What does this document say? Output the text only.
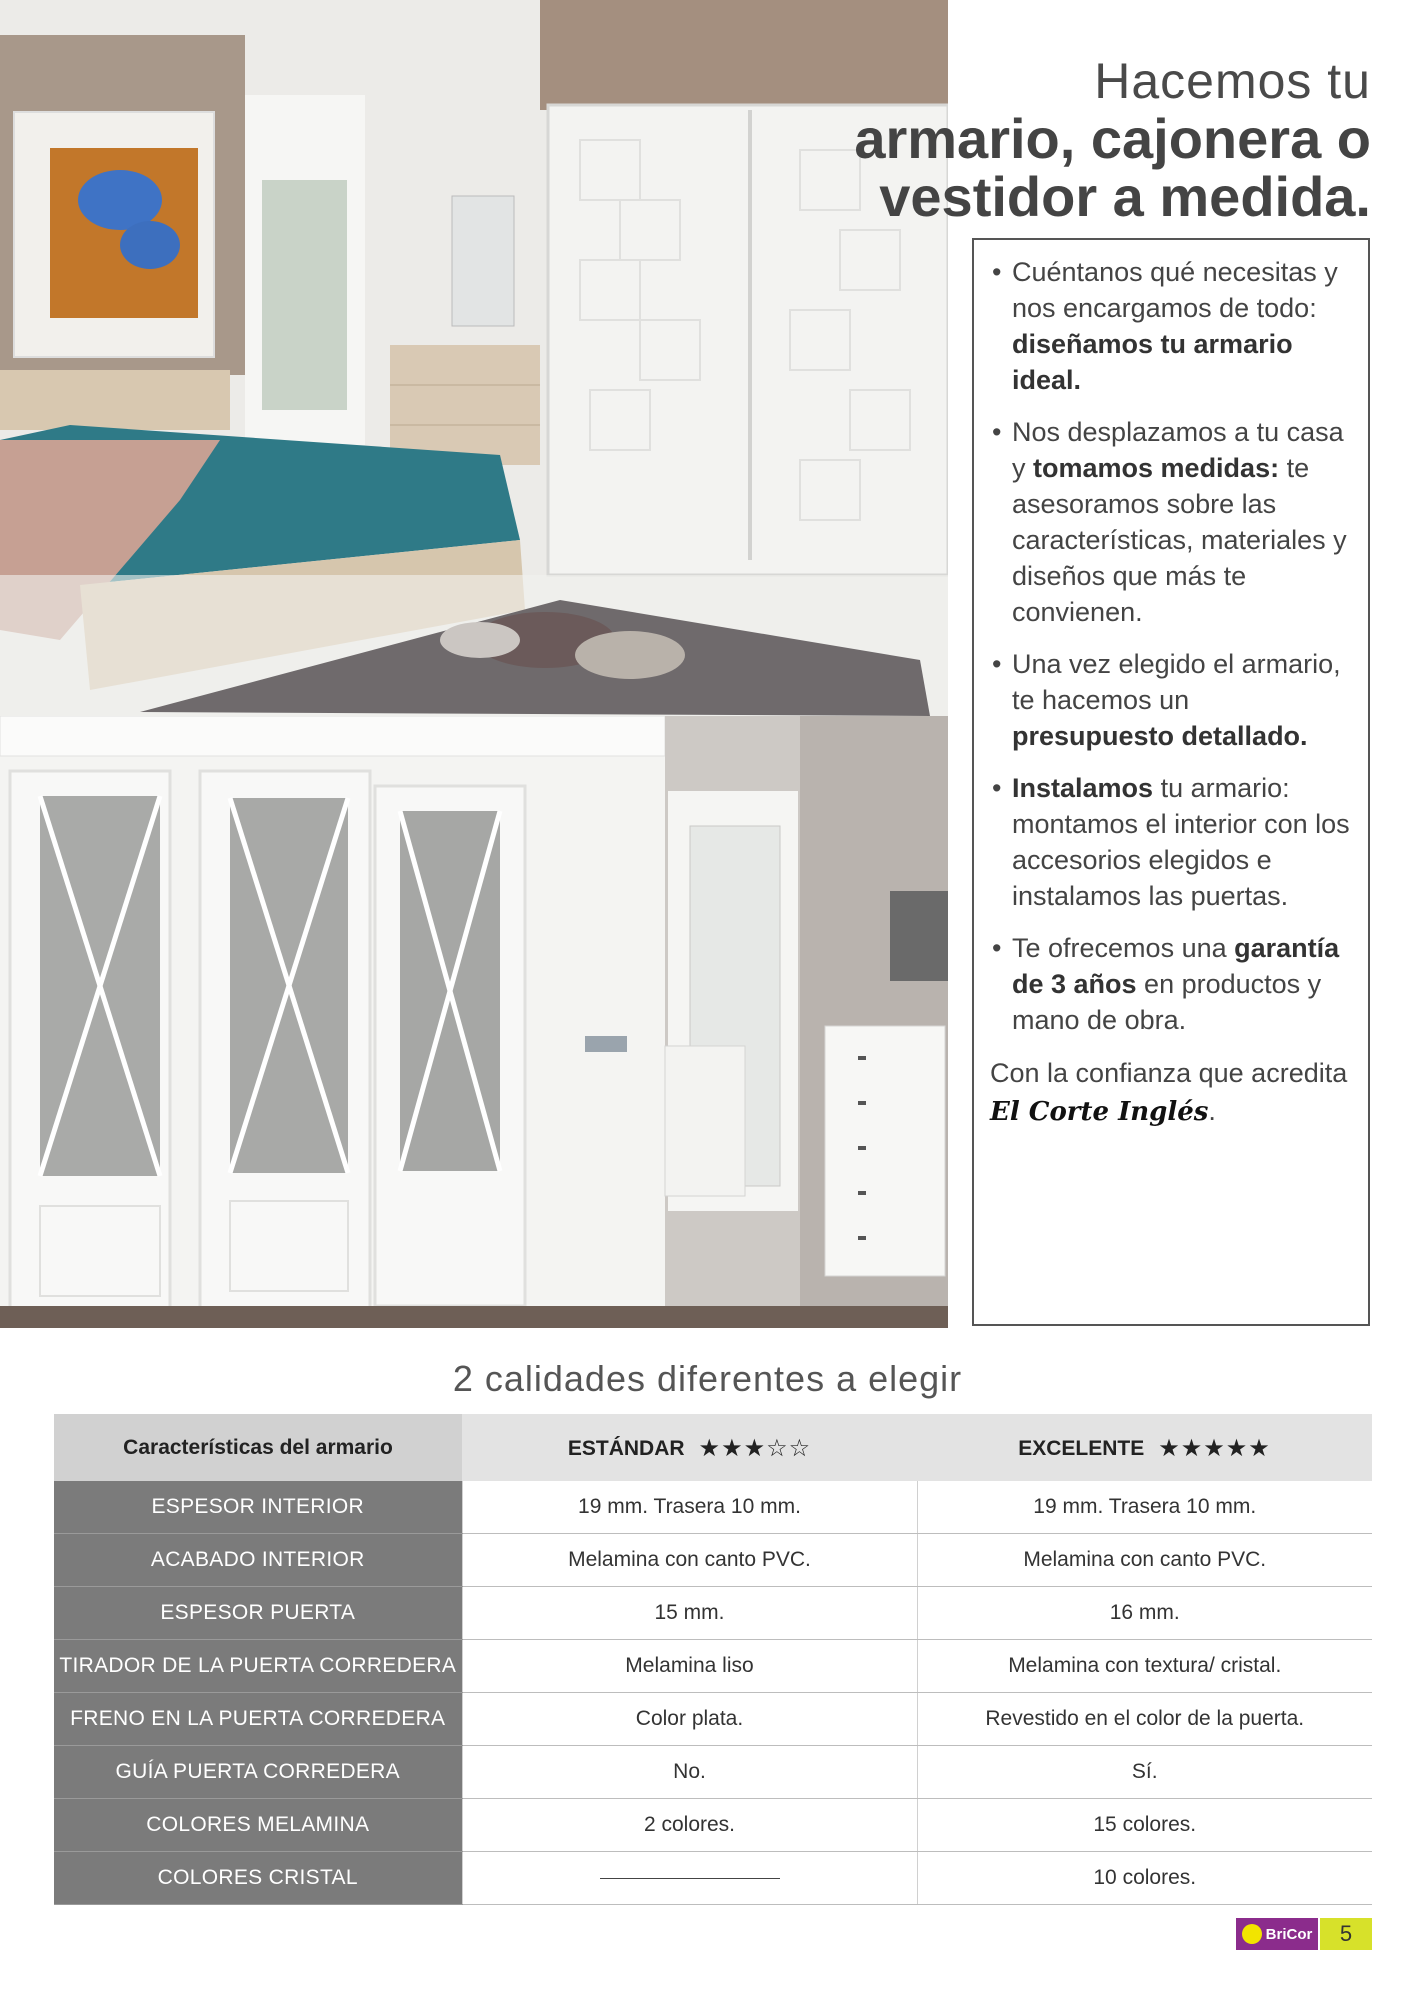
Hacemos tu
armario, cajonera o
vestidor a medida.
• Cuéntanos qué necesitas y nos encargamos de todo: diseñamos tu armario ideal.
• Nos desplazamos a tu casa y tomamos medidas: te asesoramos sobre las características, materiales y diseños que más te convienen.
• Una vez elegido el armario, te hacemos un presupuesto detallado.
• Instalamos tu armario: montamos el interior con los accesorios elegidos e instalamos las puertas.
• Te ofrecemos una garantía de 3 años en productos y mano de obra.
Con la confianza que acredita El Corte Inglés.
2 calidades diferentes a elegir
Características del armario	ESTÁNDAR ★★★☆☆	EXCELENTE ★★★★★
ESPESOR INTERIOR	19 mm. Trasera 10 mm.	19 mm. Trasera 10 mm.
ACABADO INTERIOR	Melamina con canto PVC.	Melamina con canto PVC.
ESPESOR PUERTA	15 mm.	16 mm.
TIRADOR DE LA PUERTA CORREDERA	Melamina liso	Melamina con textura/ cristal.
FRENO EN LA PUERTA CORREDERA	Color plata.	Revestido en el color de la puerta.
GUÍA PUERTA CORREDERA	No.	Sí.
COLORES MELAMINA	2 colores.	15 colores.
COLORES CRISTAL		10 colores.
BriCor	5
